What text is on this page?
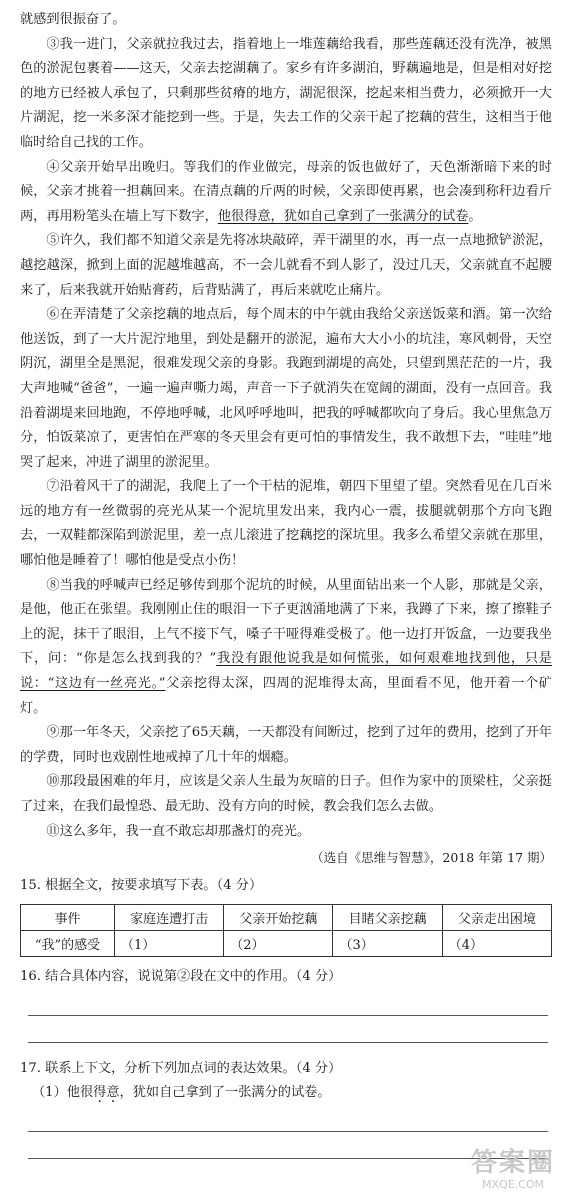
就感到很振奋了。

③我一进门，父亲就拉我过去，指着地上一堆莲藕给我看，那些莲藕还没有洗净，被黑色的淤泥包裹着——这天，父亲去挖湖藕了。家乡有许多湖泊，野藕遍地是，但是相对好挖的地方已经被人承包了，只剩那些贫瘠的地方，湖泥很深，挖起来相当费力，必须掀开一大片湖泥，挖一米多深才能挖到一些。于是，失去工作的父亲干起了挖藕的营生，这相当于他临时给自己找的工作。

④父亲开始早出晚归。等我们的作业做完，母亲的饭也做好了，天色渐渐暗下来的时候，父亲才挑着一担藕回来。在清点藕的斤两的时候，父亲即使再累，也会凑到称秆边看斤两，再用粉笔头在墙上写下数字，他很得意，犹如自己拿到了一张满分的试卷。

⑤许久，我们都不知道父亲是先将冰块敲碎，弄干湖里的水，再一点一点地掀铲淤泥，越挖越深，掀到上面的泥越堆越高，不一会儿就看不到人影了，没过几天，父亲就直不起腰来了，后来我就开始贴膏药，后背贴满了，再后来就吃止痛片。

⑥在弄清楚了父亲挖藕的地点后，每个周末的中午就由我给父亲送饭菜和酒。第一次给他送饭，到了一大片泥泞地里，到处是翻开的淤泥，遍布大大小小的坑洼，寒风刺骨，天空阴沉，湖里全是黑泥，很难发现父亲的身影。我跑到湖堤的高处，只望到黑茫茫的一片，我大声地喊“爸爸”，一遍一遍声嘶力竭，声音一下子就消失在宽阔的湖面，没有一点回音。我沿着湖堤来回地跑，不停地呼喊，北风呼呼地叫，把我的呼喊都吹向了身后。我心里焦急万分，怕饭菜凉了，更害怕在严寒的冬天里会有更可怕的事情发生，我不敢想下去，“哇哇”地哭了起来，冲进了湖里的淤泥里。

⑦沿着风干了的湖泥，我爬上了一个干枯的泥堆，朝四下里望了望。突然看见在几百米远的地方有一丝微弱的亮光从某一个泥坑里发出来，我内心一震，拔腿就朝那个方向飞跑去，一双鞋都深陷到淤泥里，差一点儿滚进了挖藕挖的深坑里。我多么希望父亲就在那里，哪怕他是睡着了！哪怕他是受点小伤！

⑧当我的呼喊声已经足够传到那个泥坑的时候，从里面钻出来一个人影，那就是父亲，是他，他正在张望。我刚刚止住的眼泪一下子更汹涌地满了下来，我蹲了下来，擦了擦鞋子上的泥，抹干了眼泪，上气不接下气，嗓子干哑得难受极了。他一边打开饭盒，一边要我坐下，问：“你是怎么找到我的？”我没有跟他说我是如何慌张，如何艰难地找到他，只是说：“这边有一丝亮光。”父亲挖得太深，四周的泥堆得太高，里面看不见，他开着一个矿灯。

⑨那一年冬天，父亲挖了65天藕，一天都没有间断过，挖到了过年的费用，挖到了开年的学费，同时也戏剧性地戒掉了几十年的烟瘾。

⑩那段最困难的年月，应该是父亲人生最为灰暗的日子。但作为家中的顶梁柱，父亲挺了过来，在我们最惶恐、最无助、没有方向的时候，教会我们怎么去做。

⑪这么多年，我一直不敢忘却那盏灯的亮光。

（选自《思维与智慧》，2018 年第 17 期）

15. 根据全文，按要求填写下表。（4 分）

事件	家庭连遭打击	父亲开始挖藕	目睹父亲挖藕	父亲走出困境
“我”的感受	（1）	（2）	（3）	（4）

16. 结合具体内容，说说第②段在文中的作用。（4 分）

17. 联系上下文，分析下列加点词的表达效果。（4 分）

（1）他很得意，犹如自己拿到了一张满分的试卷。

答案圈
MXQE.COM
